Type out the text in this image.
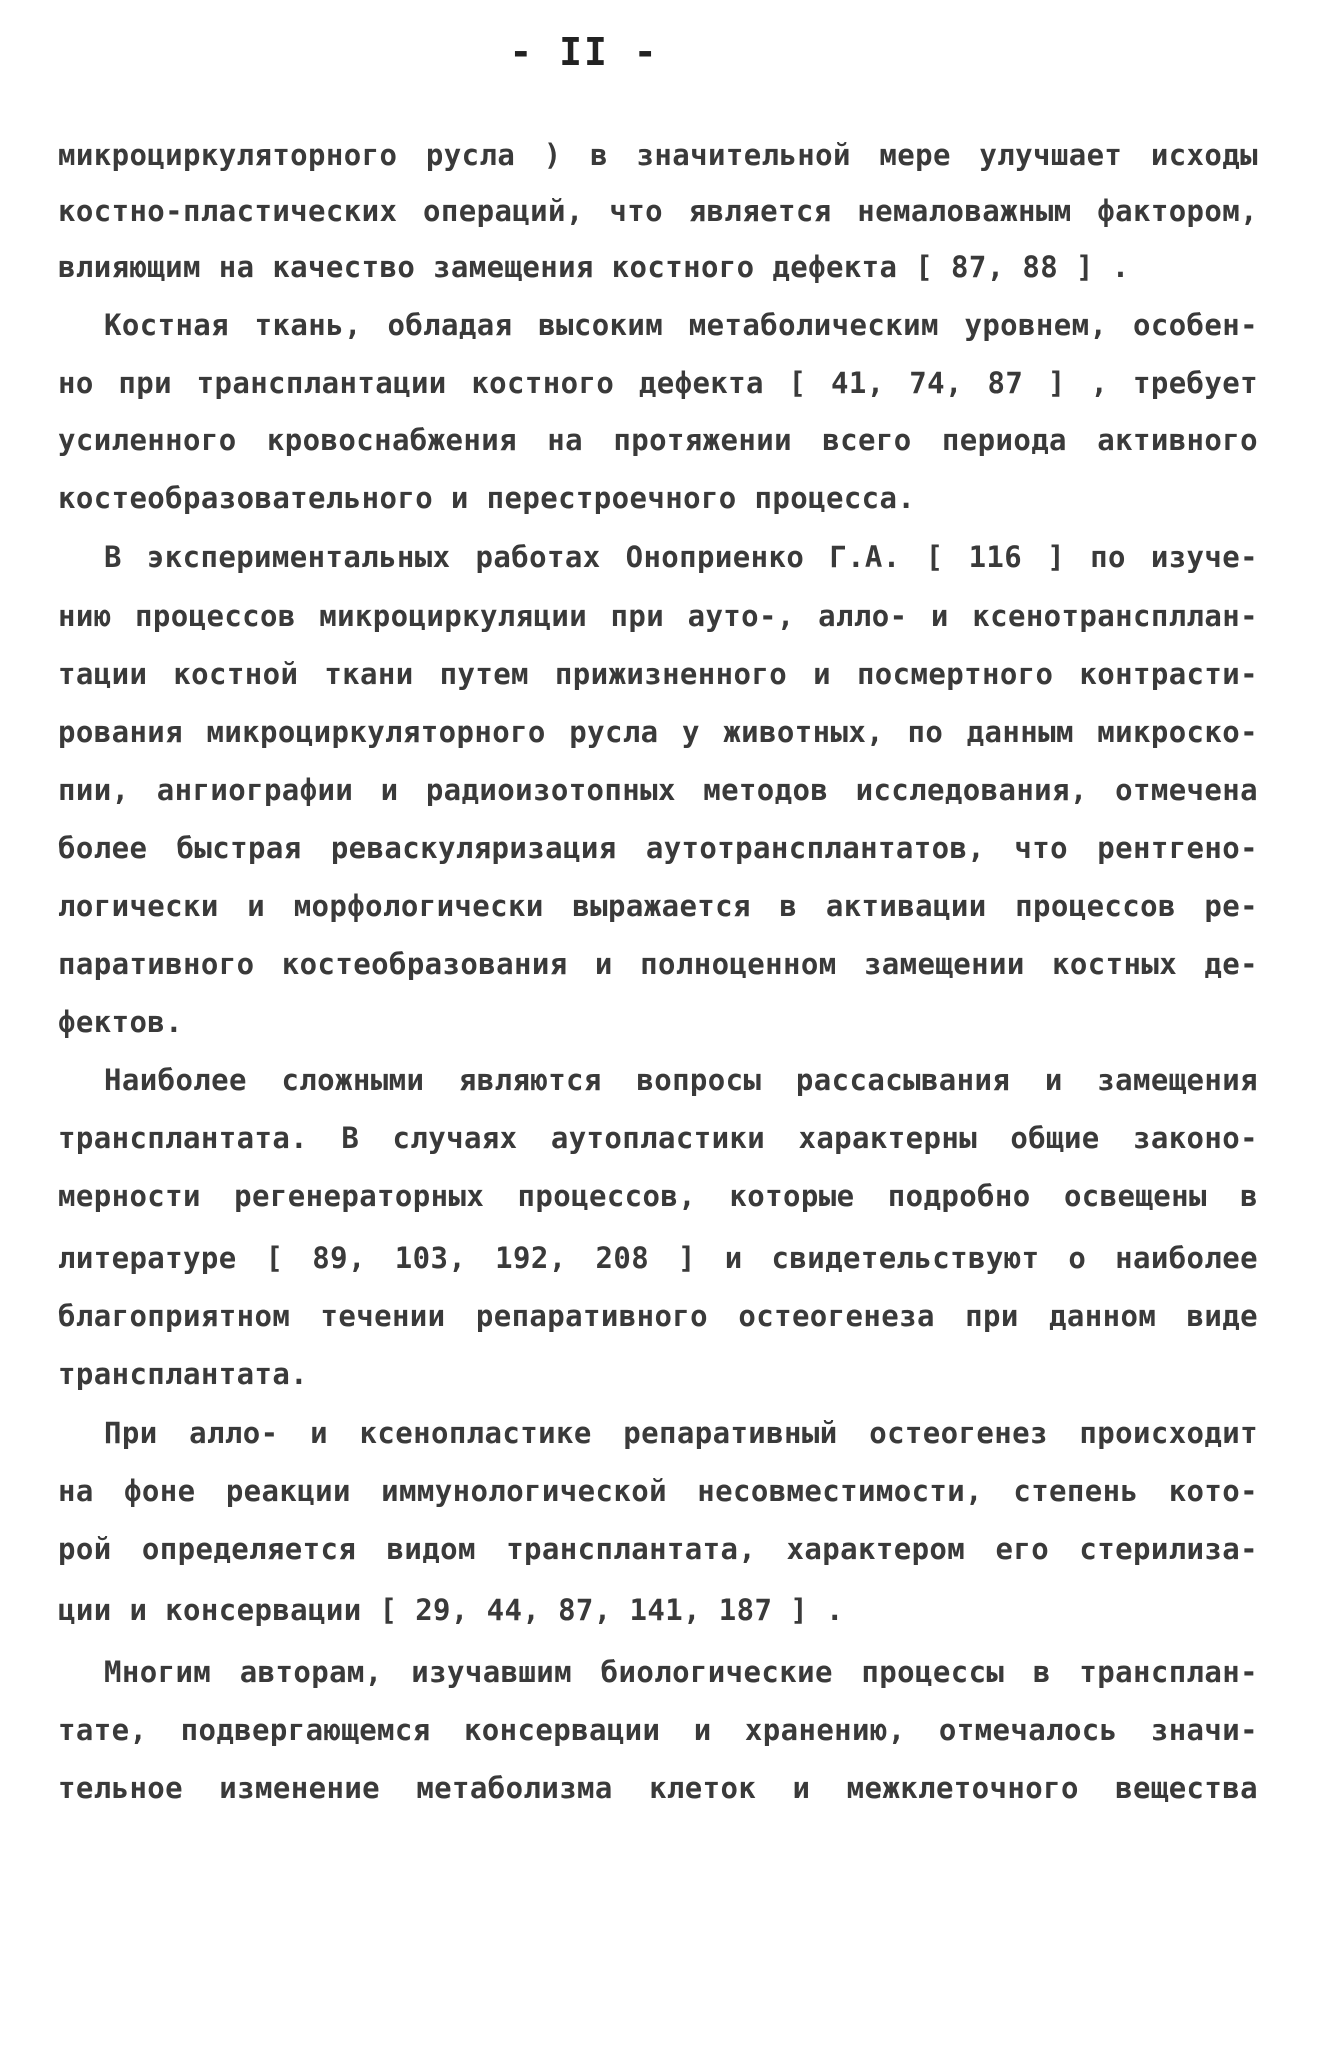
- II -
микроциркуляторного русла ) в значительной мере улучшает исходы
костно-пластических операций, что является немаловажным фактором,
влияющим на качество замещения костного дефекта [ 87, 88 ] .
Костная ткань, обладая высоким метаболическим уровнем, особен-
но при трансплантации костного дефекта [ 41, 74, 87 ] , требует
усиленного кровоснабжения на протяжении всего периода активного
костеобразовательного и перестроечного процесса.
В экспериментальных работах Оноприенко Г.А. [ 116 ] по изуче-
нию процессов микроциркуляции при ауто-, алло- и ксенотранспллан-
тации костной ткани путем прижизненного и посмертного контрасти-
рования микроциркуляторного русла у животных, по данным микроско-
пии, ангиографии и радиоизотопных методов исследования, отмечена
более быстрая реваскуляризация аутотрансплантатов, что рентгено-
логически и морфологически выражается в активации процессов ре-
паративного костеобразования и полноценном замещении костных де-
фектов.
Наиболее сложными являются вопросы рассасывания и замещения
трансплантата. В случаях аутопластики характерны общие законо-
мерности регенераторных процессов, которые подробно освещены в
литературе [ 89, 103, 192, 208 ] и свидетельствуют о наиболее
благоприятном течении репаративного остеогенеза при данном виде
трансплантата.
При алло- и ксенопластике репаративный остеогенез происходит
на фоне реакции иммунологической несовместимости, степень кото-
рой определяется видом трансплантата, характером его стерилиза-
ции и консервации [ 29, 44, 87, 141, 187 ] .
Многим авторам, изучавшим биологические процессы в трансплан-
тате, подвергающемся консервации и хранению, отмечалось значи-
тельное изменение метаболизма клеток и межклеточного вещества
